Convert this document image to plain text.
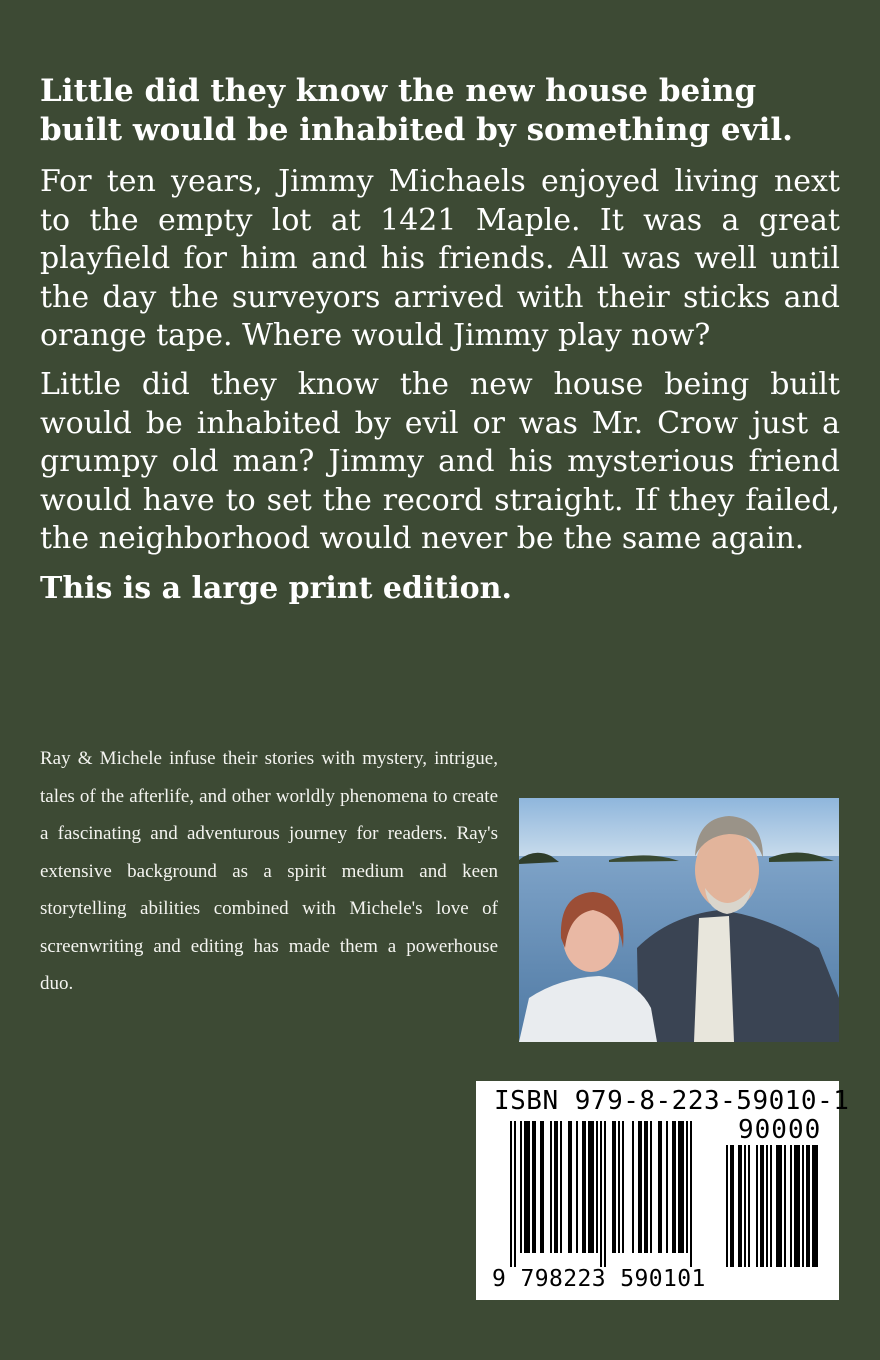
Little did they know the new house being built would be inhabited by something evil.

For ten years, Jimmy Michaels enjoyed living next to the empty lot at 1421 Maple. It was a great playfield for him and his friends. All was well until the day the surveyors arrived with their sticks and orange tape. Where would Jimmy play now?

Little did they know the new house being built would be inhabited by evil or was Mr. Crow just a grumpy old man? Jimmy and his mysterious friend would have to set the record straight. If they failed, the neighborhood would never be the same again.

This is a large print edition.

Ray & Michele infuse their stories with mystery, intrigue, tales of the afterlife, and other worldly phenomena to create a fascinating and adventurous journey for readers. Ray's extensive background as a spirit medium and keen storytelling abilities combined with Michele's love of screenwriting and editing has made them a powerhouse duo.

ISBN 979-8-223-59010-1
90000
9 798223 590101
